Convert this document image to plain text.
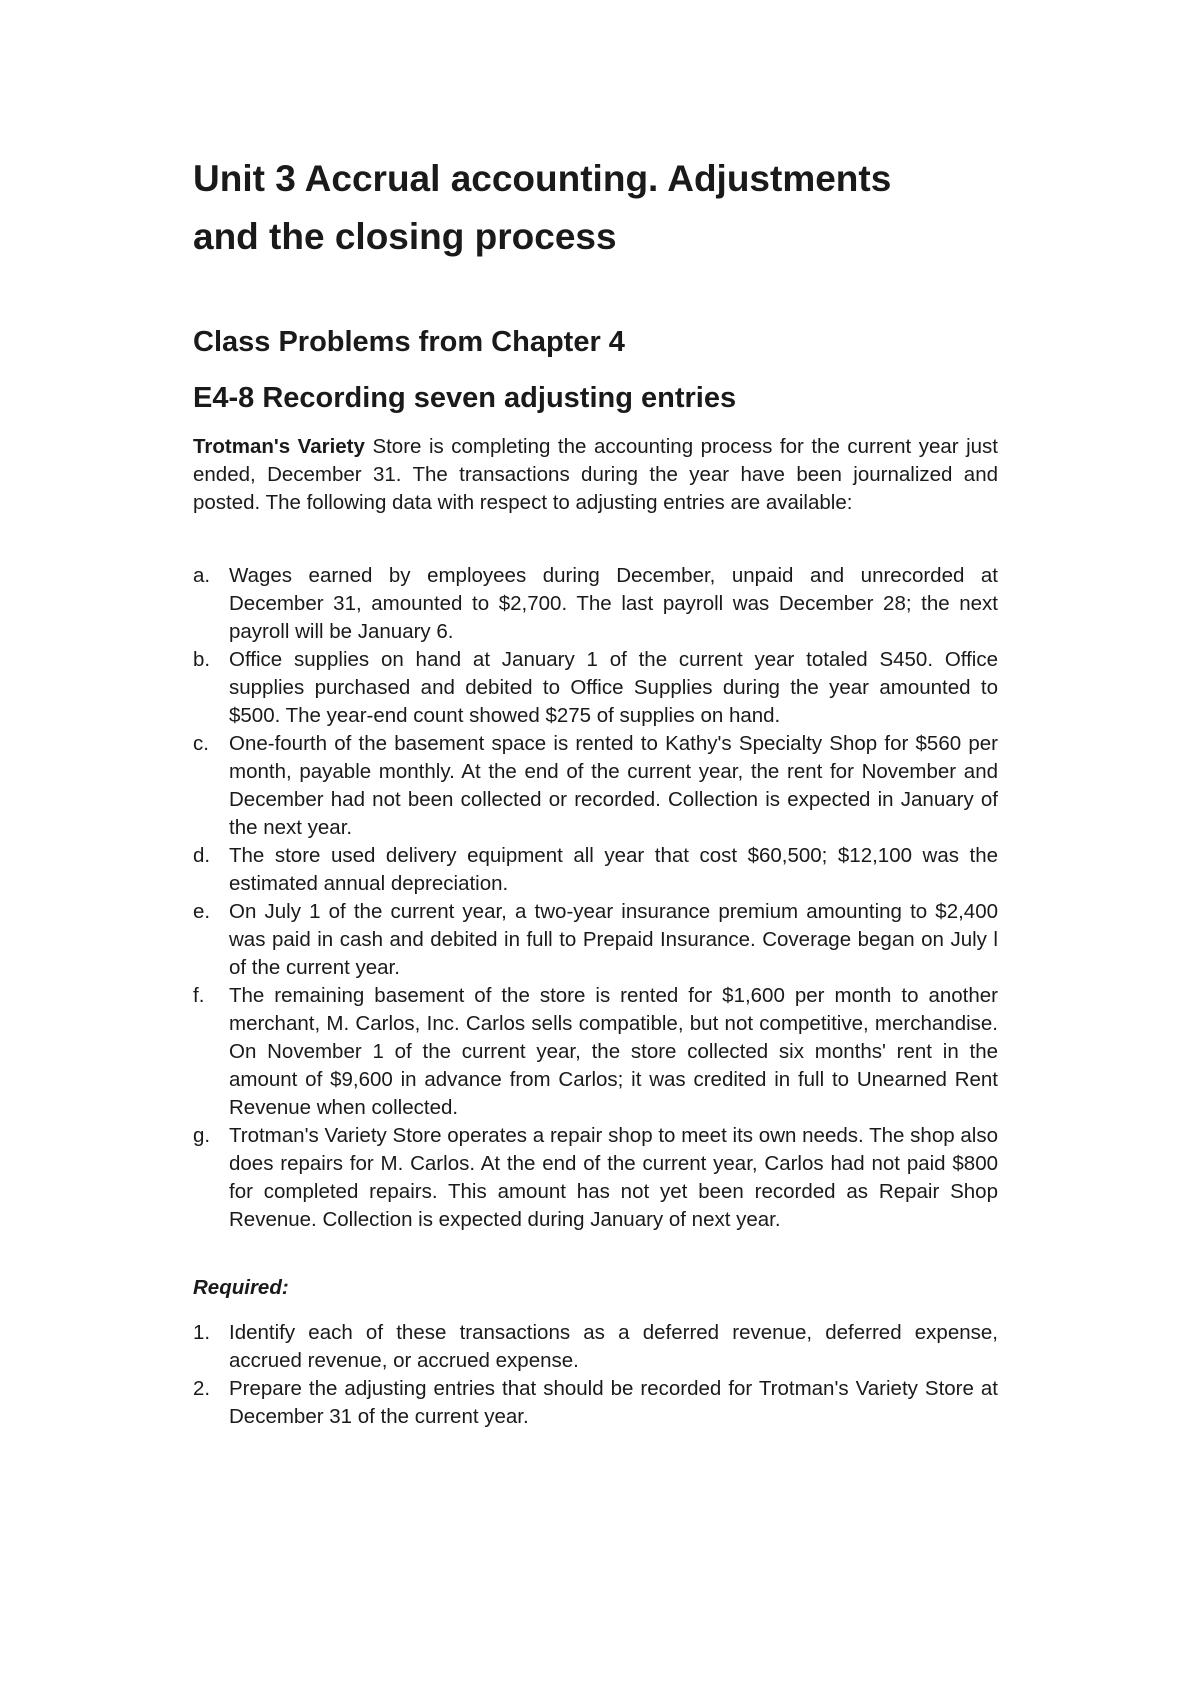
Unit 3 Accrual accounting. Adjustments
and the closing process
Class Problems from Chapter 4
E4-8 Recording seven adjusting entries

Trotman's Variety Store is completing the accounting process for the current year just ended, December 31. The transactions during the year have been journalized and posted. The following data with respect to adjusting entries are available:

a. Wages earned by employees during December, unpaid and unrecorded at December 31, amounted to $2,700. The last payroll was December 28; the next payroll will be January 6.
b. Office supplies on hand at January 1 of the current year totaled S450. Office supplies purchased and debited to Office Supplies during the year amounted to $500. The year-end count showed $275 of supplies on hand.
c. One-fourth of the basement space is rented to Kathy's Specialty Shop for $560 per month, payable monthly. At the end of the current year, the rent for November and December had not been collected or recorded. Collection is expected in January of the next year.
d. The store used delivery equipment all year that cost $60,500; $12,100 was the estimated annual depreciation.
e. On July 1 of the current year, a two-year insurance premium amounting to $2,400 was paid in cash and debited in full to Prepaid Insurance. Coverage began on July l of the current year.
f. The remaining basement of the store is rented for $1,600 per month to another merchant, M. Carlos, Inc. Carlos sells compatible, but not competitive, merchandise. On November 1 of the current year, the store collected six months' rent in the amount of $9,600 in advance from Carlos; it was credited in full to Unearned Rent Revenue when collected.
g. Trotman's Variety Store operates a repair shop to meet its own needs. The shop also does repairs for M. Carlos. At the end of the current year, Carlos had not paid $800 for completed repairs. This amount has not yet been recorded as Repair Shop Revenue. Collection is expected during January of next year.

Required:

1. Identify each of these transactions as a deferred revenue, deferred expense, accrued revenue, or accrued expense.
2. Prepare the adjusting entries that should be recorded for Trotman's Variety Store at December 31 of the current year.
